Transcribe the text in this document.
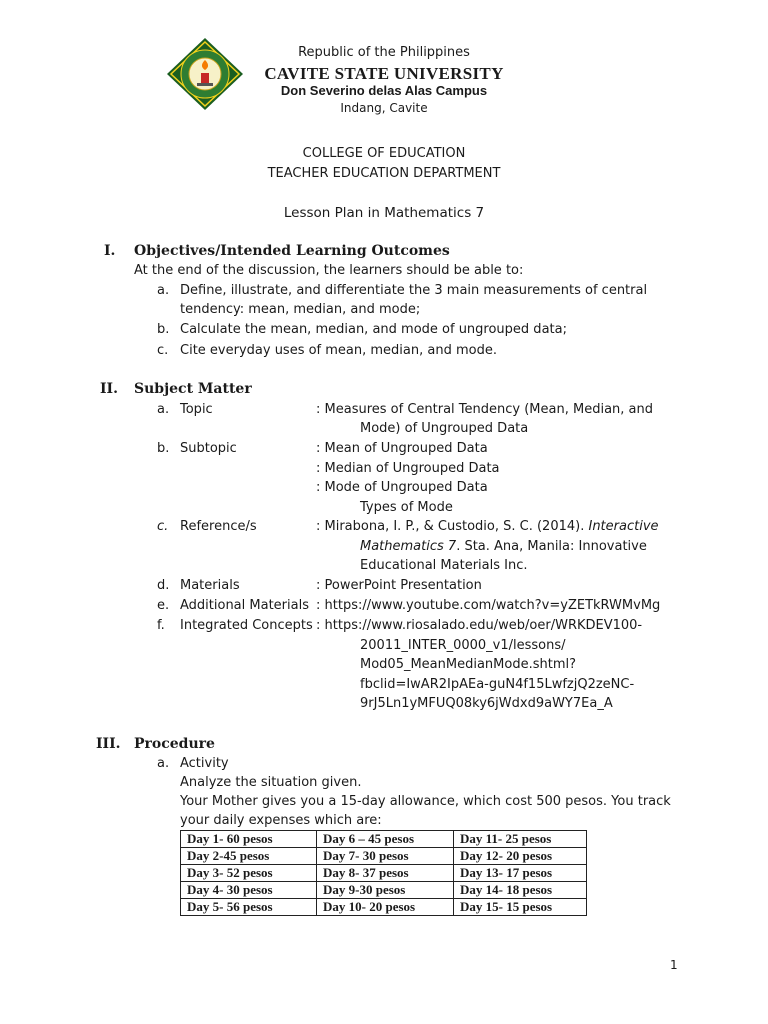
Republic of the Philippines
CAVITE STATE UNIVERSITY
Don Severino delas Alas Campus
Indang, Cavite
COLLEGE OF EDUCATION
TEACHER EDUCATION DEPARTMENT
Lesson Plan in Mathematics 7
I. Objectives/Intended Learning Outcomes
At the end of the discussion, the learners should be able to:
a. Define, illustrate, and differentiate the 3 main measurements of central
tendency: mean, median, and mode;
b. Calculate the mean, median, and mode of ungrouped data;
c. Cite everyday uses of mean, median, and mode.
II. Subject Matter
a. Topic	: Measures of Central Tendency (Mean, Median, and
Mode) of Ungrouped Data
b. Subtopic	: Mean of Ungrouped Data
: Median of Ungrouped Data
: Mode of Ungrouped Data
Types of Mode
c. Reference/s	: Mirabona, I. P., & Custodio, S. C. (2014). Interactive
Mathematics 7. Sta. Ana, Manila: Innovative
Educational Materials Inc.
d. Materials	: PowerPoint Presentation
e. Additional Materials : https://www.youtube.com/watch?v=yZETkRWMvMg
f. Integrated Concepts : https://www.riosalado.edu/web/oer/WRKDEV100-
20011_INTER_0000_v1/lessons/
Mod05_MeanMedianMode.shtml?
fbclid=IwAR2IpAEa-guN4f15LwfzjQ2zeNC-
9rJ5Ln1yMFUQ08ky6jWdxd9aWY7Ea_A
III. Procedure
a. Activity
Analyze the situation given.
Your Mother gives you a 15-day allowance, which cost 500 pesos. You track
your daily expenses which are:
Day 1- 60 pesos	Day 6 – 45 pesos	Day 11- 25 pesos
Day 2-45 pesos	Day 7- 30 pesos	Day 12- 20 pesos
Day 3- 52 pesos	Day 8- 37 pesos	Day 13- 17 pesos
Day 4- 30 pesos	Day 9-30 pesos	Day 14- 18 pesos
Day 5- 56 pesos	Day 10- 20 pesos	Day 15- 15 pesos
1
